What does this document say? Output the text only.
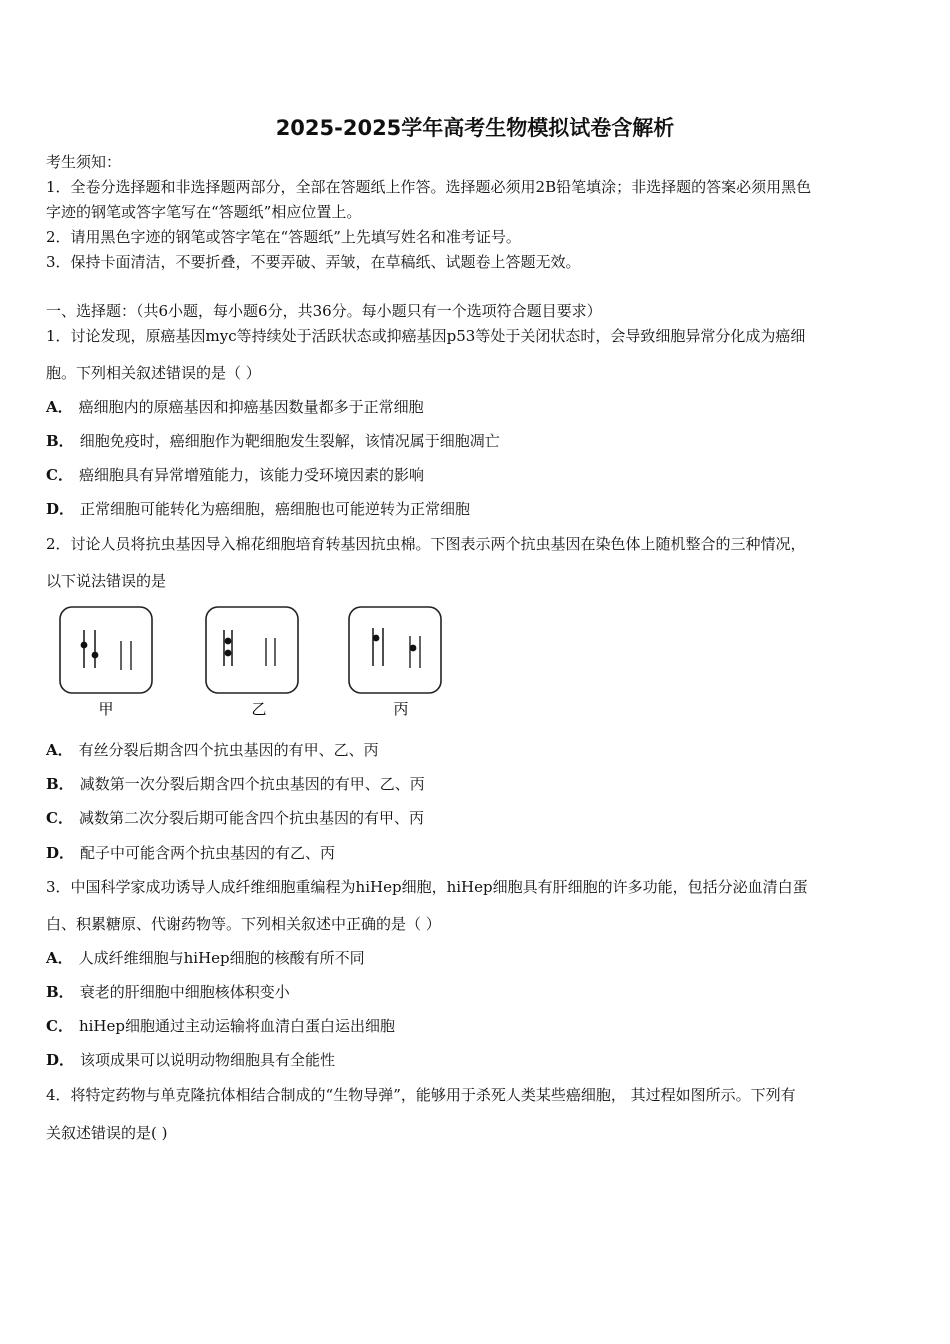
2025-2025学年高考生物模拟试卷含解析
考生须知：
1．全卷分选择题和非选择题两部分，全部在答题纸上作答。选择题必须用2B铅笔填涂；非选择题的答案必须用黑色
字迹的钢笔或答字笔写在“答题纸”相应位置上。
2．请用黑色字迹的钢笔或答字笔在“答题纸”上先填写姓名和准考证号。
3．保持卡面清洁，不要折叠，不要弄破、弄皱，在草稿纸、试题卷上答题无效。
一、选择题：（共6小题，每小题6分，共36分。每小题只有一个选项符合题目要求）
1．讨论发现，原癌基因myc等持续处于活跃状态或抑癌基因p53等处于关闭状态时，会导致细胞异常分化成为癌细
胞。下列相关叙述错误的是（ ）
A． 癌细胞内的原癌基因和抑癌基因数量都多于正常细胞
B． 细胞免疫时，癌细胞作为靶细胞发生裂解，该情况属于细胞凋亡
C． 癌细胞具有异常增殖能力，该能力受环境因素的影响
D． 正常细胞可能转化为癌细胞，癌细胞也可能逆转为正常细胞
2．讨论人员将抗虫基因导入棉花细胞培育转基因抗虫棉。下图表示两个抗虫基因在染色体上随机整合的三种情况，
以下说法错误的是
甲	乙	丙
A． 有丝分裂后期含四个抗虫基因的有甲、乙、丙
B． 减数第一次分裂后期含四个抗虫基因的有甲、乙、丙
C． 减数第二次分裂后期可能含四个抗虫基因的有甲、丙
D． 配子中可能含两个抗虫基因的有乙、丙
3．中国科学家成功诱导人成纤维细胞重编程为hiHep细胞，hiHep细胞具有肝细胞的许多功能，包括分泌血清白蛋
白、积累糖原、代谢药物等。下列相关叙述中正确的是（ ）
A． 人成纤维细胞与hiHep细胞的核酸有所不同
B． 衰老的肝细胞中细胞核体积变小
C． hiHep细胞通过主动运输将血清白蛋白运出细胞
D． 该项成果可以说明动物细胞具有全能性
4．将特定药物与单克隆抗体相结合制成的“生物导弹”，能够用于杀死人类某些癌细胞， 其过程如图所示。下列有
关叙述错误的是( )
